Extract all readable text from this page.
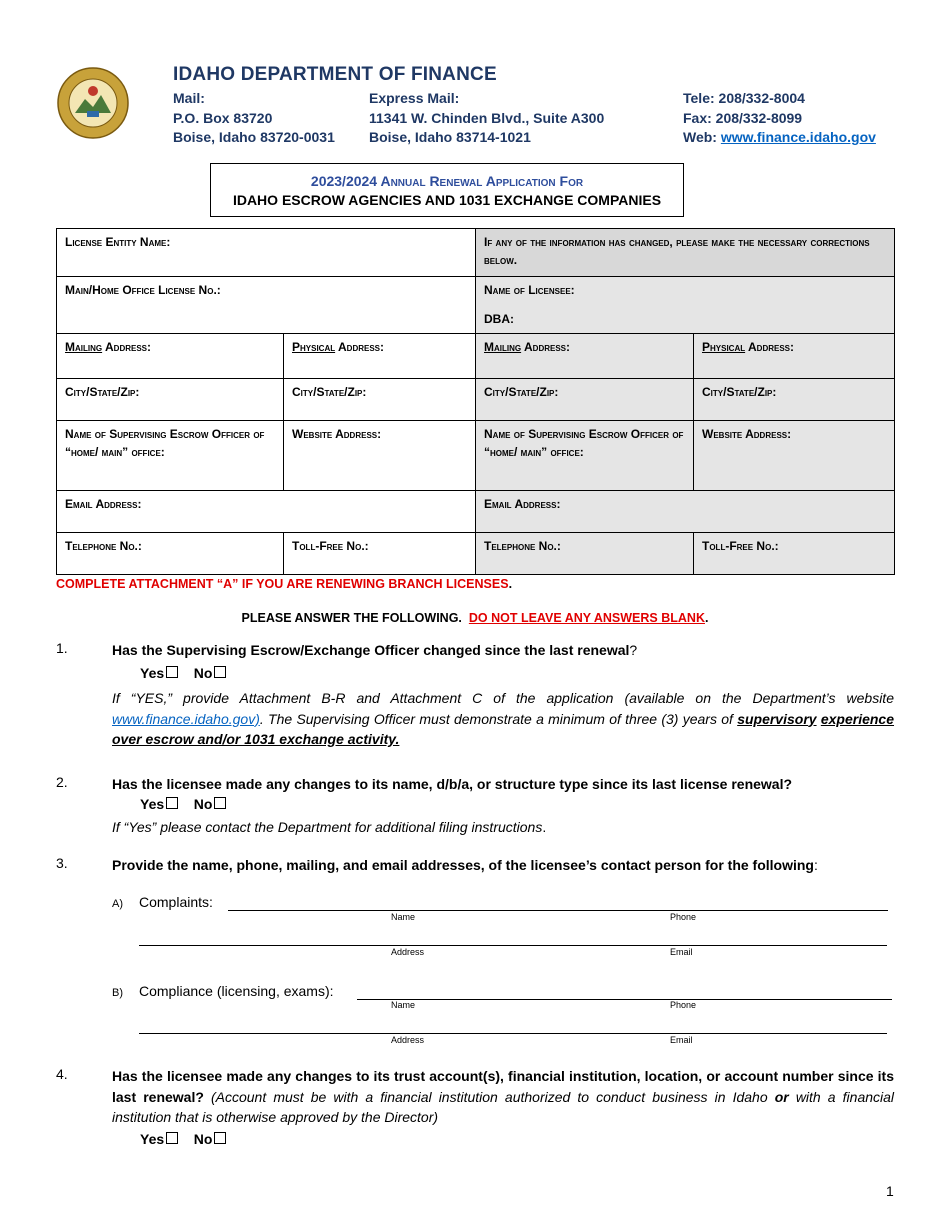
IDAHO DEPARTMENT OF FINANCE
Mail:
P.O. Box 83720
Boise, Idaho 83720-0031
Express Mail:
11341 W. Chinden Blvd., Suite A300
Boise, Idaho 83714-1021
Tele: 208/332-8004
Fax: 208/332-8099
Web: www.finance.idaho.gov
2023/2024 Annual Renewal Application For
IDAHO ESCROW AGENCIES AND 1031 EXCHANGE COMPANIES
License Entity Name:		If any of the information has changed, please make the necessary corrections below.	
Main/Home Office License No.:		Name of Licensee:
DBA:	

Mailing Address:	Physical Address:	Mailing Address:	Physical Address:
City/State/Zip:	City/State/Zip:	City/State/Zip:	City/State/Zip:
Name of Supervising Escrow Officer of “home/ main” office:	Website Address:	Name of Supervising Escrow Officer of “home/ main” office:	Website Address:
Email Address:		Email Address:	
Telephone No.:	Toll-Free No.:	Telephone No.:	Toll-Free No.:
COMPLETE ATTACHMENT “A” IF YOU ARE RENEWING BRANCH LICENSES.
PLEASE ANSWER THE FOLLOWING. DO NOT LEAVE ANY ANSWERS BLANK.
1.	Has the Supervising Escrow/Exchange Officer changed since the last renewal?
Yes No
If “YES,” provide Attachment B-R and Attachment C of the application (available on the Department’s website www.finance.idaho.gov). The Supervising Officer must demonstrate a minimum of three (3) years of supervisory experience over escrow and/or 1031 exchange activity.
2.	Has the licensee made any changes to its name, d/b/a, or structure type since its last license renewal?
Yes No
If “Yes” please contact the Department for additional filing instructions.
3.	Provide the name, phone, mailing, and email addresses, of the licensee’s contact person for the following:
A) Complaints:
Name	Phone
Address	Email
B) Compliance (licensing, exams):
Name	Phone
Address	Email
4.	Has the licensee made any changes to its trust account(s), financial institution, location, or account number since its last renewal? (Account must be with a financial institution authorized to conduct business in Idaho or with a financial institution that is otherwise approved by the Director)
Yes No
1
